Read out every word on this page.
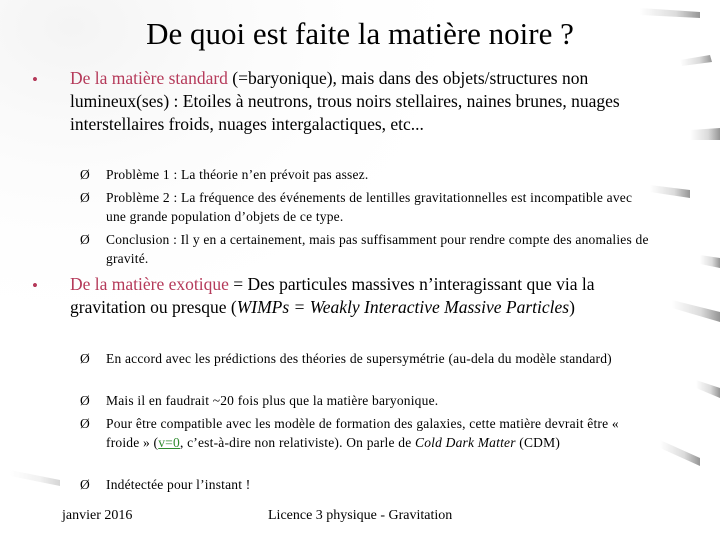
De quoi est faite la matière noire ?
• De la matière standard (=baryonique), mais dans des objets/structures non lumineux(ses) : Etoiles à neutrons, trous noirs stellaires, naines brunes, nuages interstellaires froids, nuages intergalactiques, etc...
Ø Problème 1 : La théorie n’en prévoit pas assez.
Ø Problème 2 : La fréquence des événements de lentilles gravitationnelles est incompatible avec une grande population d’objets de ce type.
Ø Conclusion : Il y en a certainement, mais pas suffisamment pour rendre compte des anomalies de gravité.
• De la matière exotique = Des particules massives n’interagissant que via la gravitation ou presque (WIMPs = Weakly Interactive Massive Particles)
Ø En accord avec les prédictions des théories de supersymétrie (au-dela du modèle standard)
Ø Mais il en faudrait ~20 fois plus que la matière baryonique.
Ø Pour être compatible avec les modèle de formation des galaxies, cette matière devrait être « froide » (v=0, c’est-à-dire non relativiste). On parle de Cold Dark Matter (CDM)
Ø Indétectée pour l’instant !
janvier 2016	Licence 3 physique - Gravitation
